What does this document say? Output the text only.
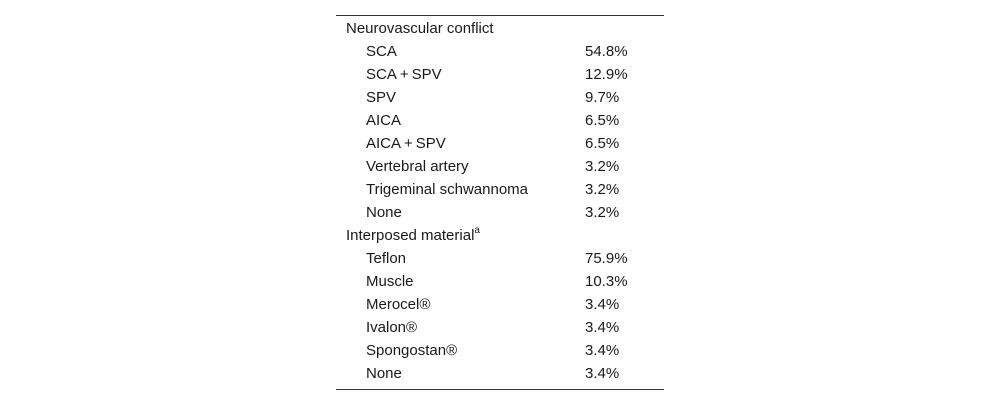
Neurovascular conflict
SCA	54.8%
SCA + SPV	12.9%
SPV	9.7%
AICA	6.5%
AICA + SPV	6.5%
Vertebral artery	3.2%
Trigeminal schwannoma	3.2%
None	3.2%
Interposed material$^a$
Teflon	75.9%
Muscle	10.3%
Merocel®	3.4%
Ivalon®	3.4%
Spongostan®	3.4%
None	3.4%
